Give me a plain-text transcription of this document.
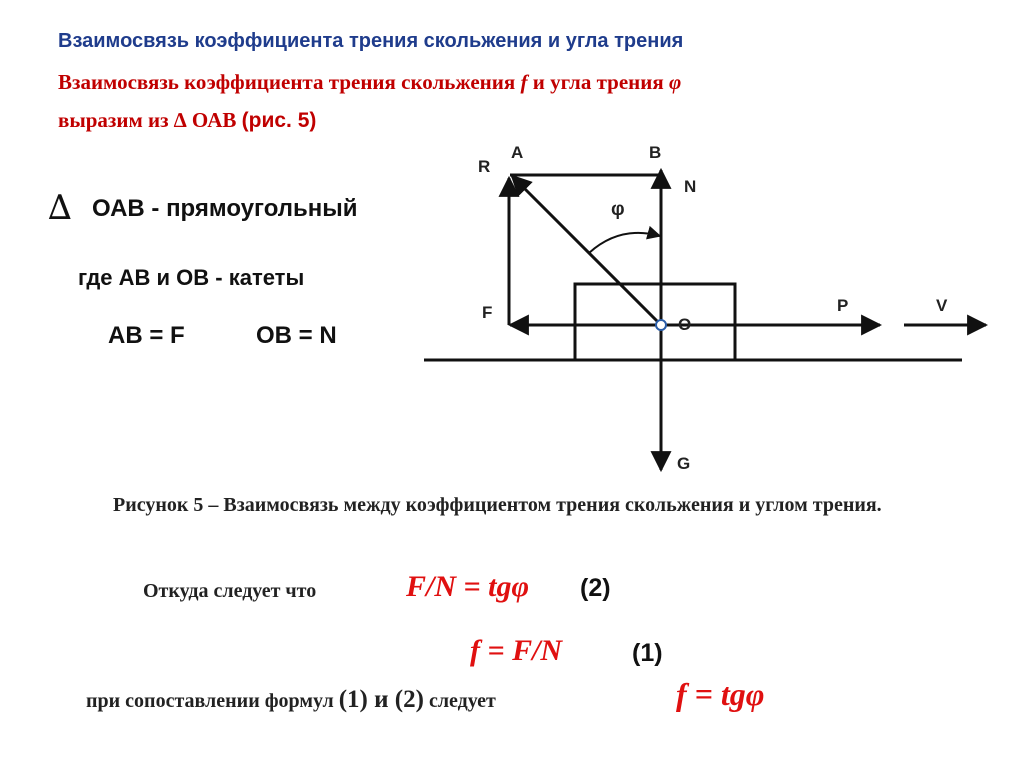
Взаимосвязь коэффициента трения скольжения и угла трения
Взаимосвязь коэффициента трения скольжения f и угла трения φ
выразим из ∆ ОАВ (рис. 5)
∆ ОАВ - прямоугольный
где АВ и ОВ - катеты
АВ = F	ОВ = N
R
A	B
N
φ
F
O
P	V
G
Рисунок 5 – Взаимосвязь между коэффициентом трения скольжения и углом трения.
Откуда следует что	F/N = tgφ (2)
f = F/N	(1)
при сопоставлении формул (1) и (2) следует	f = tgφ
